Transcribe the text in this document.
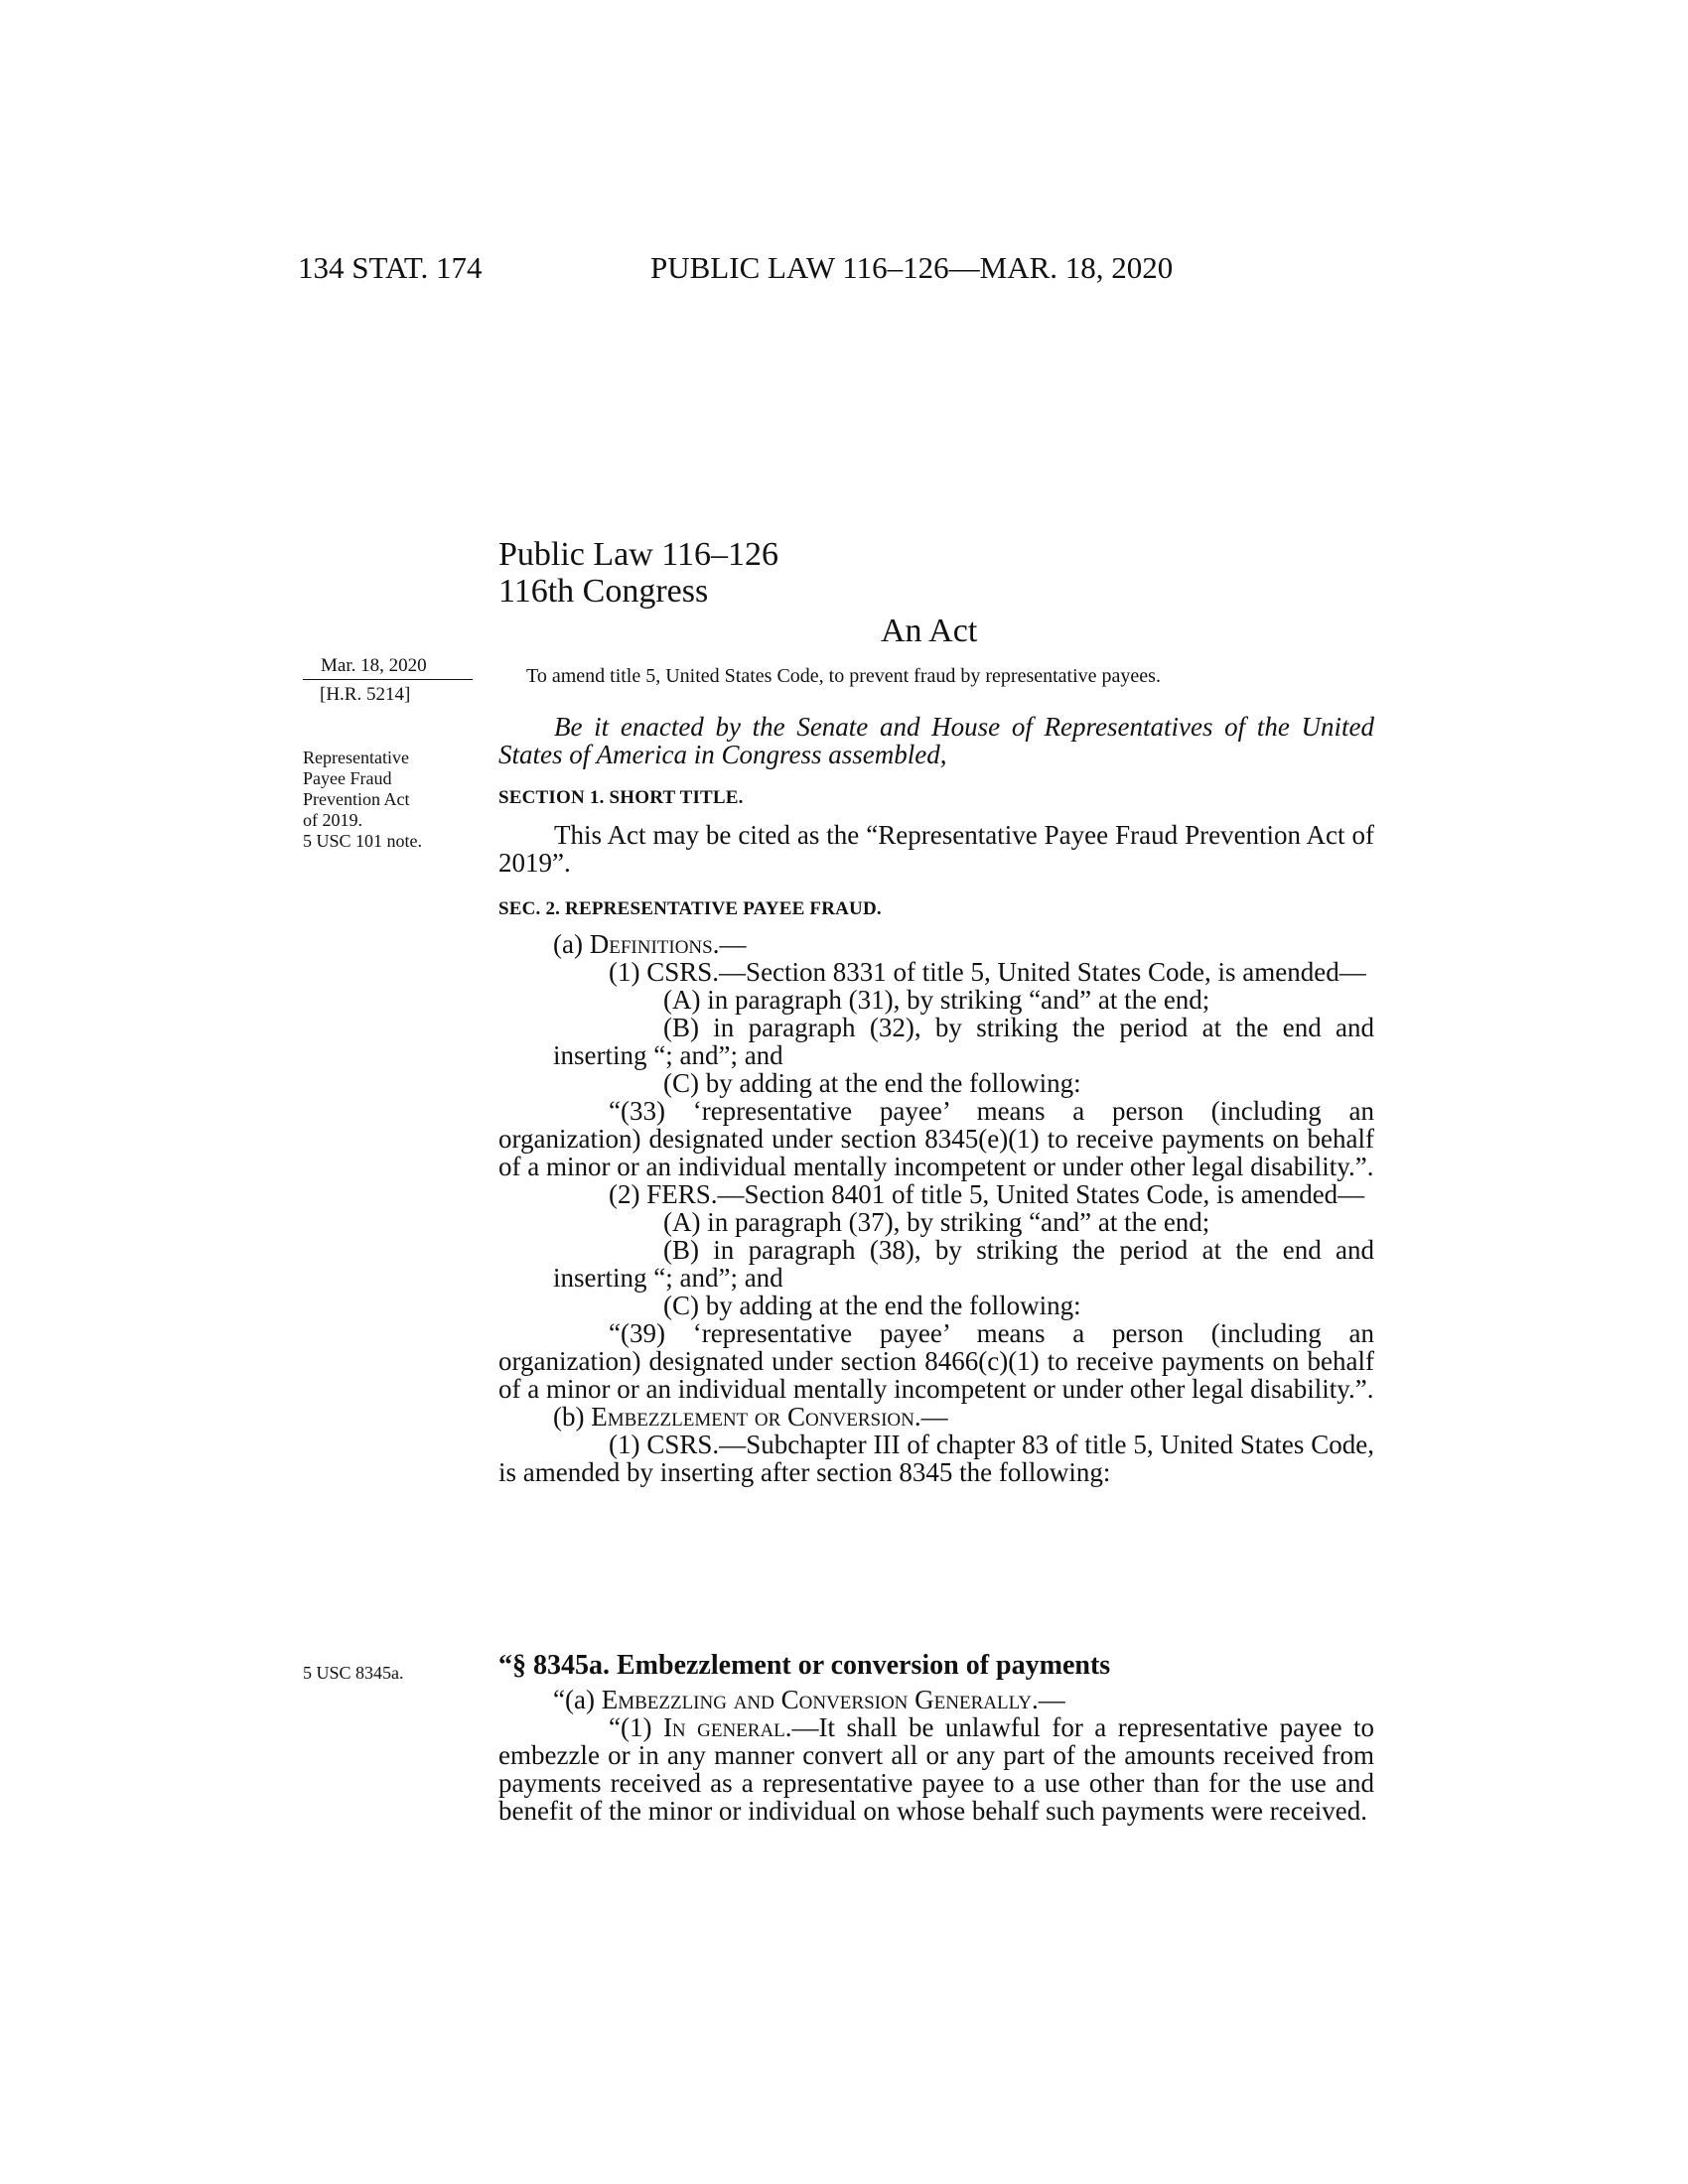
134 STAT. 174	PUBLIC LAW 116–126—MAR. 18, 2020
Public Law 116–126
116th Congress
An Act
Mar. 18, 2020
[H.R. 5214]
Representative
Payee Fraud
Prevention Act
of 2019.
5 USC 101 note.
5 USC 8345a.
To amend title 5, United States Code, to prevent fraud by representative payees.
Be it enacted by the Senate and House of Representatives of the United States of America in Congress assembled,
SECTION 1. SHORT TITLE.
This Act may be cited as the “Representative Payee Fraud Prevention Act of 2019”.
SEC. 2. REPRESENTATIVE PAYEE FRAUD.

(a) Definitions.—

(1) CSRS.—Section 8331 of title 5, United States Code, is amended—

(A) in paragraph (31), by striking “and” at the end;

(B) in paragraph (32), by striking the period at the end and inserting “; and”; and

(C) by adding at the end the following:

“(33) ‘representative payee’ means a person (including an organization) designated under section 8345(e)(1) to receive payments on behalf of a minor or an individual mentally incompetent or under other legal disability.”.

(2) FERS.—Section 8401 of title 5, United States Code, is amended—

(A) in paragraph (37), by striking “and” at the end;

(B) in paragraph (38), by striking the period at the end and inserting “; and”; and

(C) by adding at the end the following:

“(39) ‘representative payee’ means a person (including an organization) designated under section 8466(c)(1) to receive payments on behalf of a minor or an individual mentally incompetent or under other legal disability.”.

(b) Embezzlement or Conversion.—

(1) CSRS.—Subchapter III of chapter 83 of title 5, United States Code, is amended by inserting after section 8345 the following:

“§ 8345a. Embezzlement or conversion of payments

“(a) Embezzling and Conversion Generally.—

“(1) In general.—It shall be unlawful for a representative payee to embezzle or in any manner convert all or any part of the amounts received from payments received as a representative payee to a use other than for the use and benefit of the minor or individual on whose behalf such payments were received.
